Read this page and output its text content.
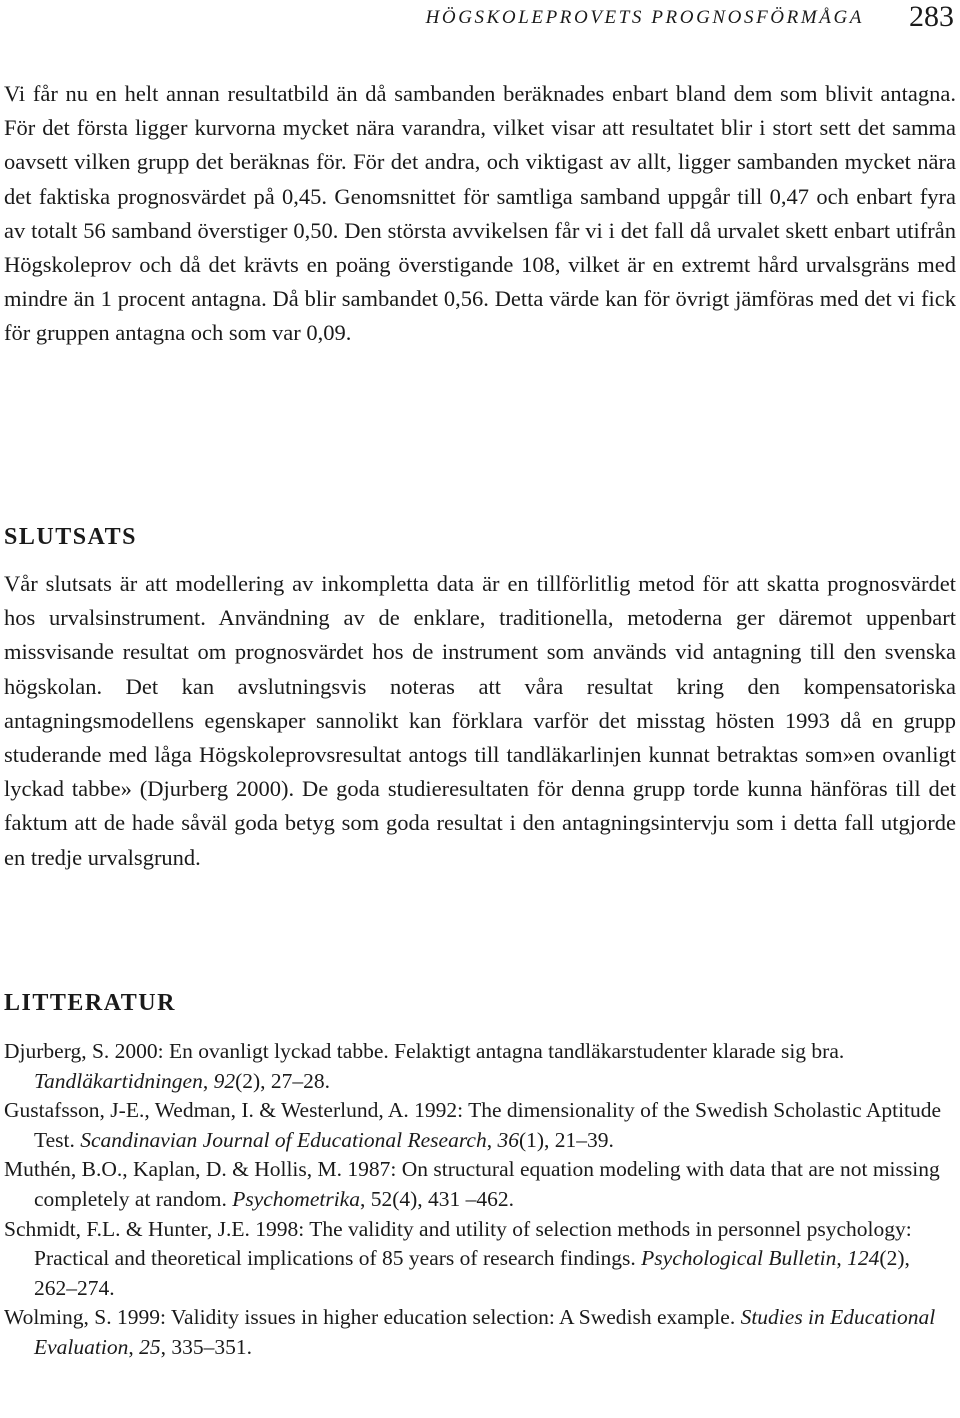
HÖGSKOLEPROVETS PROGNOSFÖRMÅGA 283

Vi får nu en helt annan resultatbild än då sambanden beräknades enbart bland dem som blivit antagna. För det första ligger kurvorna mycket nära varandra, vilket visar att resultatet blir i stort sett det samma oavsett vilken grupp det beräknas för. För det andra, och viktigast av allt, ligger sambanden mycket nära det faktiska prognosvärdet på 0,45. Genomsnittet för samtliga samband uppgår till 0,47 och enbart fyra av totalt 56 samband överstiger 0,50. Den största avvikelsen får vi i det fall då urvalet skett enbart utifrån Högskoleprov och då det krävts en poäng överstigande 108, vilket är en extremt hård urvalsgräns med mindre än 1 procent antagna. Då blir sambandet 0,56. Detta värde kan för övrigt jämföras med det vi fick för gruppen antagna och som var 0,09.

SLUTSATS

Vår slutsats är att modellering av inkompletta data är en tillförlitlig metod för att skatta prognosvärdet hos urvalsinstrument. Användning av de enklare, traditionella, metoderna ger däremot uppenbart missvisande resultat om prognosvärdet hos de instrument som används vid antagning till den svenska högskolan. Det kan avslutningsvis noteras att våra resultat kring den kompensatoriska antagningsmodellens egenskaper sannolikt kan förklara varför det misstag hösten 1993 då en grupp studerande med låga Högskoleprovsresultat antogs till tandläkarlinjen kunnat betraktas som»en ovanligt lyckad tabbe» (Djurberg 2000). De goda studieresultaten för denna grupp torde kunna hänföras till det faktum att de hade såväl goda betyg som goda resultat i den antagningsintervju som i detta fall utgjorde en tredje urvalsgrund.

LITTERATUR

Djurberg, S. 2000: En ovanligt lyckad tabbe. Felaktigt antagna tandläkarstudenter klarade sig bra. Tandläkartidningen, 92(2), 27–28.

Gustafsson, J-E., Wedman, I. & Westerlund, A. 1992: The dimensionality of the Swedish Scholastic Aptitude Test. Scandinavian Journal of Educational Research, 36(1), 21–39.

Muthén, B.O., Kaplan, D. & Hollis, M. 1987: On structural equation modeling with data that are not missing completely at random. Psychometrika, 52(4), 431 –462.

Schmidt, F.L. & Hunter, J.E. 1998: The validity and utility of selection methods in personnel psychology: Practical and theoretical implications of 85 years of research findings. Psychological Bulletin, 124(2), 262–274.

Wolming, S. 1999: Validity issues in higher education selection: A Swedish example. Studies in Educational Evaluation, 25, 335–351.
